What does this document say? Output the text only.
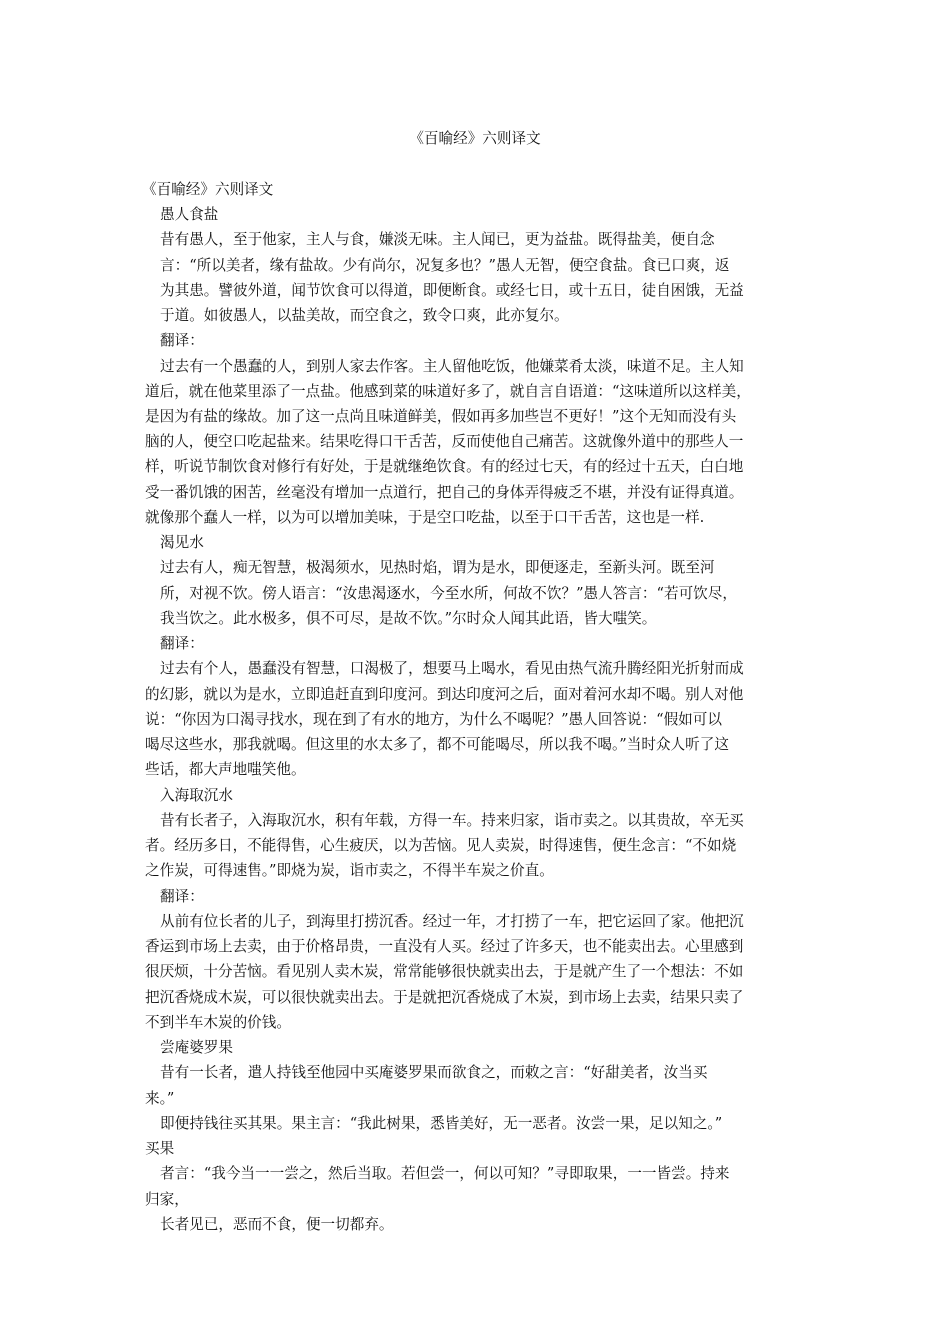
《百喻经》六则译文
《百喻经》六则译文
愚人食盐
昔有愚人，至于他家，主人与食，嫌淡无味。主人闻已，更为益盐。既得盐美，便自念
言：“所以美者，缘有盐故。少有尚尔，况复多也？”愚人无智，便空食盐。食已口爽，返
为其患。譬彼外道，闻节饮食可以得道，即便断食。或经七日，或十五日，徒自困饿，无益
于道。如彼愚人，以盐美故，而空食之，致令口爽，此亦复尔。
翻译：
过去有一个愚蠢的人，到别人家去作客。主人留他吃饭，他嫌菜肴太淡，味道不足。主人知
道后，就在他菜里添了一点盐。他感到菜的味道好多了，就自言自语道：“这味道所以这样美，
是因为有盐的缘故。加了这一点尚且味道鲜美，假如再多加些岂不更好！”这个无知而没有头
脑的人，便空口吃起盐来。结果吃得口干舌苦，反而使他自己痛苦。这就像外道中的那些人一
样，听说节制饮食对修行有好处，于是就继绝饮食。有的经过七天，有的经过十五天，白白地
受一番饥饿的困苦，丝毫没有增加一点道行，把自己的身体弄得疲乏不堪，并没有证得真道。
就像那个蠢人一样，以为可以增加美味，于是空口吃盐，以至于口干舌苦，这也是一样.
渴见水
过去有人，痴无智慧，极渴须水，见热时焰，谓为是水，即便逐走，至新头河。既至河
所，对视不饮。傍人语言：“汝患渴逐水，今至水所，何故不饮？”愚人答言：“若可饮尽，
我当饮之。此水极多，俱不可尽，是故不饮。”尔时众人闻其此语，皆大嗤笑。
翻译：
过去有个人，愚蠢没有智慧，口渴极了，想要马上喝水，看见由热气流升腾经阳光折射而成
的幻影，就以为是水，立即追赶直到印度河。到达印度河之后，面对着河水却不喝。别人对他
说：“你因为口渴寻找水，现在到了有水的地方，为什么不喝呢？”愚人回答说：“假如可以
喝尽这些水，那我就喝。但这里的水太多了，都不可能喝尽，所以我不喝。”当时众人听了这
些话，都大声地嗤笑他。
入海取沉水
昔有长者子，入海取沉水，积有年载，方得一车。持来归家，诣市卖之。以其贵故，卒无买
者。经历多日，不能得售，心生疲厌，以为苦恼。见人卖炭，时得速售，便生念言：“不如烧
之作炭，可得速售。”即烧为炭，诣市卖之，不得半车炭之价直。
翻译：
从前有位长者的儿子，到海里打捞沉香。经过一年，才打捞了一车，把它运回了家。他把沉
香运到市场上去卖，由于价格昂贵，一直没有人买。经过了许多天，也不能卖出去。心里感到
很厌烦，十分苦恼。看见别人卖木炭，常常能够很快就卖出去，于是就产生了一个想法：不如
把沉香烧成木炭，可以很快就卖出去。于是就把沉香烧成了木炭，到市场上去卖，结果只卖了
不到半车木炭的价钱。
尝庵婆罗果
昔有一长者，遣人持钱至他园中买庵婆罗果而欲食之，而敕之言：“好甜美者，汝当买
来。”
即便持钱往买其果。果主言：“我此树果，悉皆美好，无一恶者。汝尝一果，足以知之。”
买果
者言：“我今当一一尝之，然后当取。若但尝一，何以可知？”寻即取果，一一皆尝。持来
归家，
长者见已，恶而不食，便一切都弃。
